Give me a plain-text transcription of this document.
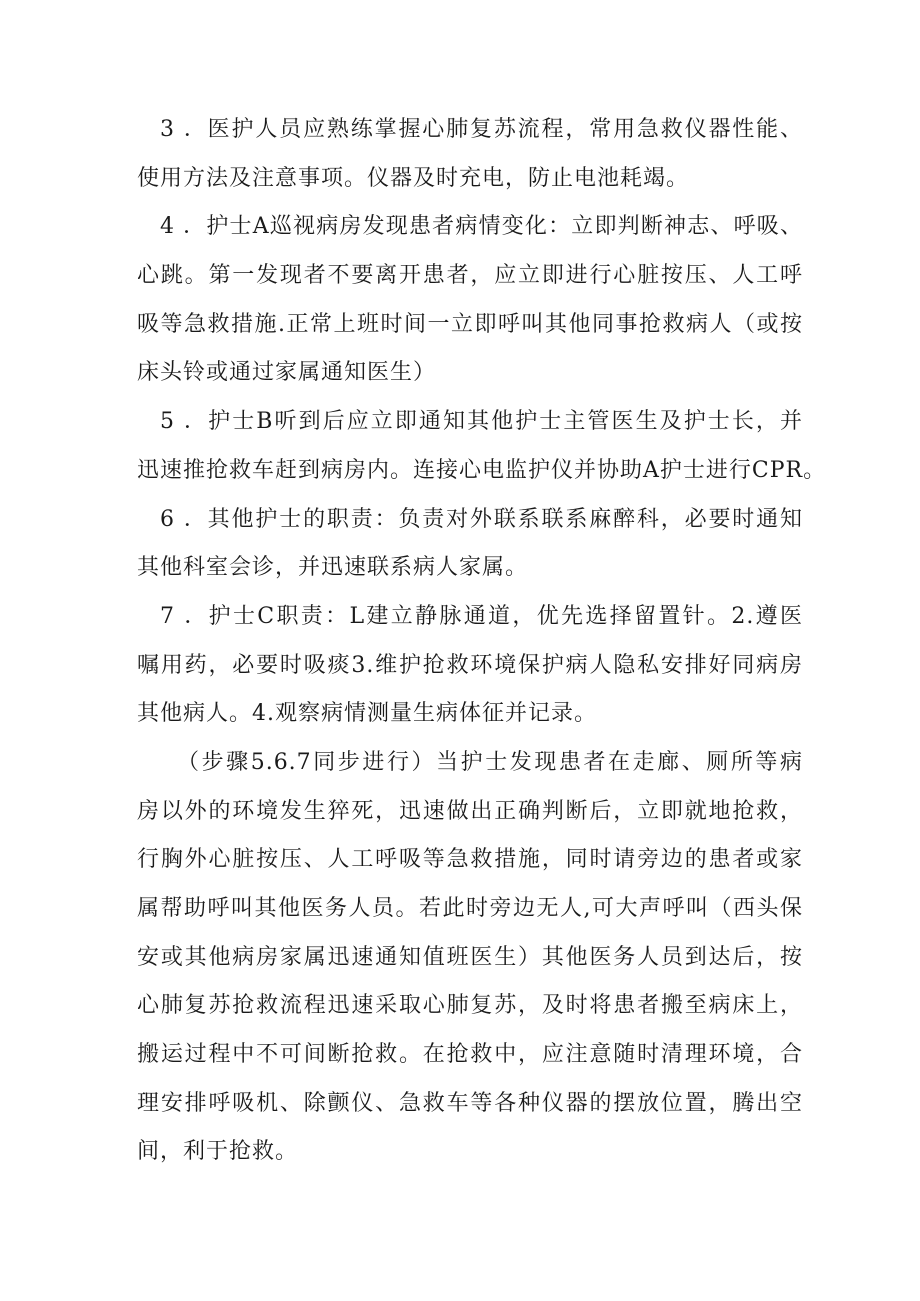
3 ．医护人员应熟练掌握心肺复苏流程，常用急救仪器性能、
使用方法及注意事项。仪器及时充电，防止电池耗竭。
4 ．护士A巡视病房发现患者病情变化：立即判断神志、呼吸、
心跳。第一发现者不要离开患者，应立即进行心脏按压、人工呼
吸等急救措施.正常上班时间一立即呼叫其他同事抢救病人（或按
床头铃或通过家属通知医生）
5 ．护士B听到后应立即通知其他护士主管医生及护士长，并
迅速推抢救车赶到病房内。连接心电监护仪并协助A护士进行CPR。
6 ．其他护士的职责：负责对外联系联系麻醉科，必要时通知
其他科室会诊，并迅速联系病人家属。
7 ．护士C职责：L建立静脉通道，优先选择留置针。2.遵医
嘱用药，必要时吸痰3.维护抢救环境保护病人隐私安排好同病房
其他病人。4.观察病情测量生病体征并记录。
（步骤5.6.7同步进行）当护士发现患者在走廊、厕所等病
房以外的环境发生猝死，迅速做出正确判断后，立即就地抢救，
行胸外心脏按压、人工呼吸等急救措施，同时请旁边的患者或家
属帮助呼叫其他医务人员。若此时旁边无人,可大声呼叫（西头保
安或其他病房家属迅速通知值班医生）其他医务人员到达后，按
心肺复苏抢救流程迅速采取心肺复苏，及时将患者搬至病床上，
搬运过程中不可间断抢救。在抢救中，应注意随时清理环境，合
理安排呼吸机、除颤仪、急救车等各种仪器的摆放位置，腾出空
间，利于抢救。
